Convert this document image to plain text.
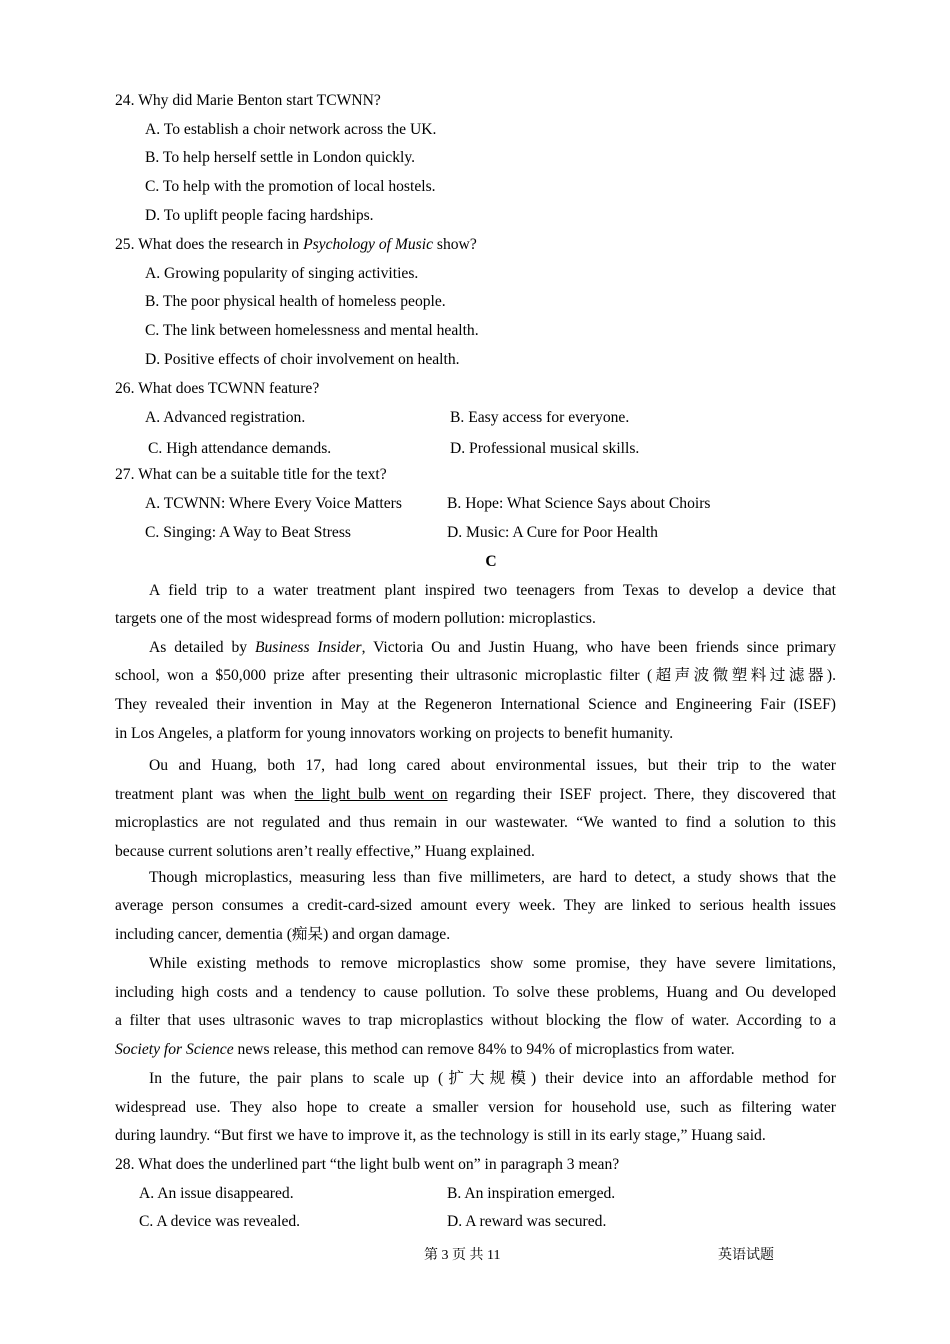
24. Why did Marie Benton start TCWNN?
A. To establish a choir network across the UK.
B. To help herself settle in London quickly.
C. To help with the promotion of local hostels.
D. To uplift people facing hardships.
25. What does the research in Psychology of Music show?
A. Growing popularity of singing activities.
B. The poor physical health of homeless people.
C. The link between homelessness and mental health.
D. Positive effects of choir involvement on health.
26. What does TCWNN feature?
A. Advanced registration.	B. Easy access for everyone.
C. High attendance demands.	D. Professional musical skills.
27. What can be a suitable title for the text?
A. TCWNN: Where Every Voice Matters	B. Hope: What Science Says about Choirs
C. Singing: A Way to Beat Stress	D. Music: A Cure for Poor Health
C
A field trip to a water treatment plant inspired two teenagers from Texas to develop a device that
targets one of the most widespread forms of modern pollution: microplastics.
As detailed by Business Insider, Victoria Ou and Justin Huang, who have been friends since primary
school, won a $50,000 prize after presenting their ultrasonic microplastic filter (超声波微塑料过滤器).
They revealed their invention in May at the Regeneron International Science and Engineering Fair (ISEF)
in Los Angeles, a platform for young innovators working on projects to benefit humanity.
Ou and Huang, both 17, had long cared about environmental issues, but their trip to the water
treatment plant was when the light bulb went on regarding their ISEF project. There, they discovered that
microplastics are not regulated and thus remain in our wastewater. “We wanted to find a solution to this
because current solutions aren’t really effective,” Huang explained.
Though microplastics, measuring less than five millimeters, are hard to detect, a study shows that the
average person consumes a credit-card-sized amount every week. They are linked to serious health issues
including cancer, dementia (痴呆) and organ damage.
While existing methods to remove microplastics show some promise, they have severe limitations,
including high costs and a tendency to cause pollution. To solve these problems, Huang and Ou developed
a filter that uses ultrasonic waves to trap microplastics without blocking the flow of water. According to a
Society for Science news release, this method can remove 84% to 94% of microplastics from water.
In the future, the pair plans to scale up (扩大规模) their device into an affordable method for
widespread use. They also hope to create a smaller version for household use, such as filtering water
during laundry. “But first we have to improve it, as the technology is still in its early stage,” Huang said.
28. What does the underlined part “the light bulb went on” in paragraph 3 mean?
A. An issue disappeared.	B. An inspiration emerged.
C. A device was revealed.	D. A reward was secured.
第 3 页 共 11	英语试题
